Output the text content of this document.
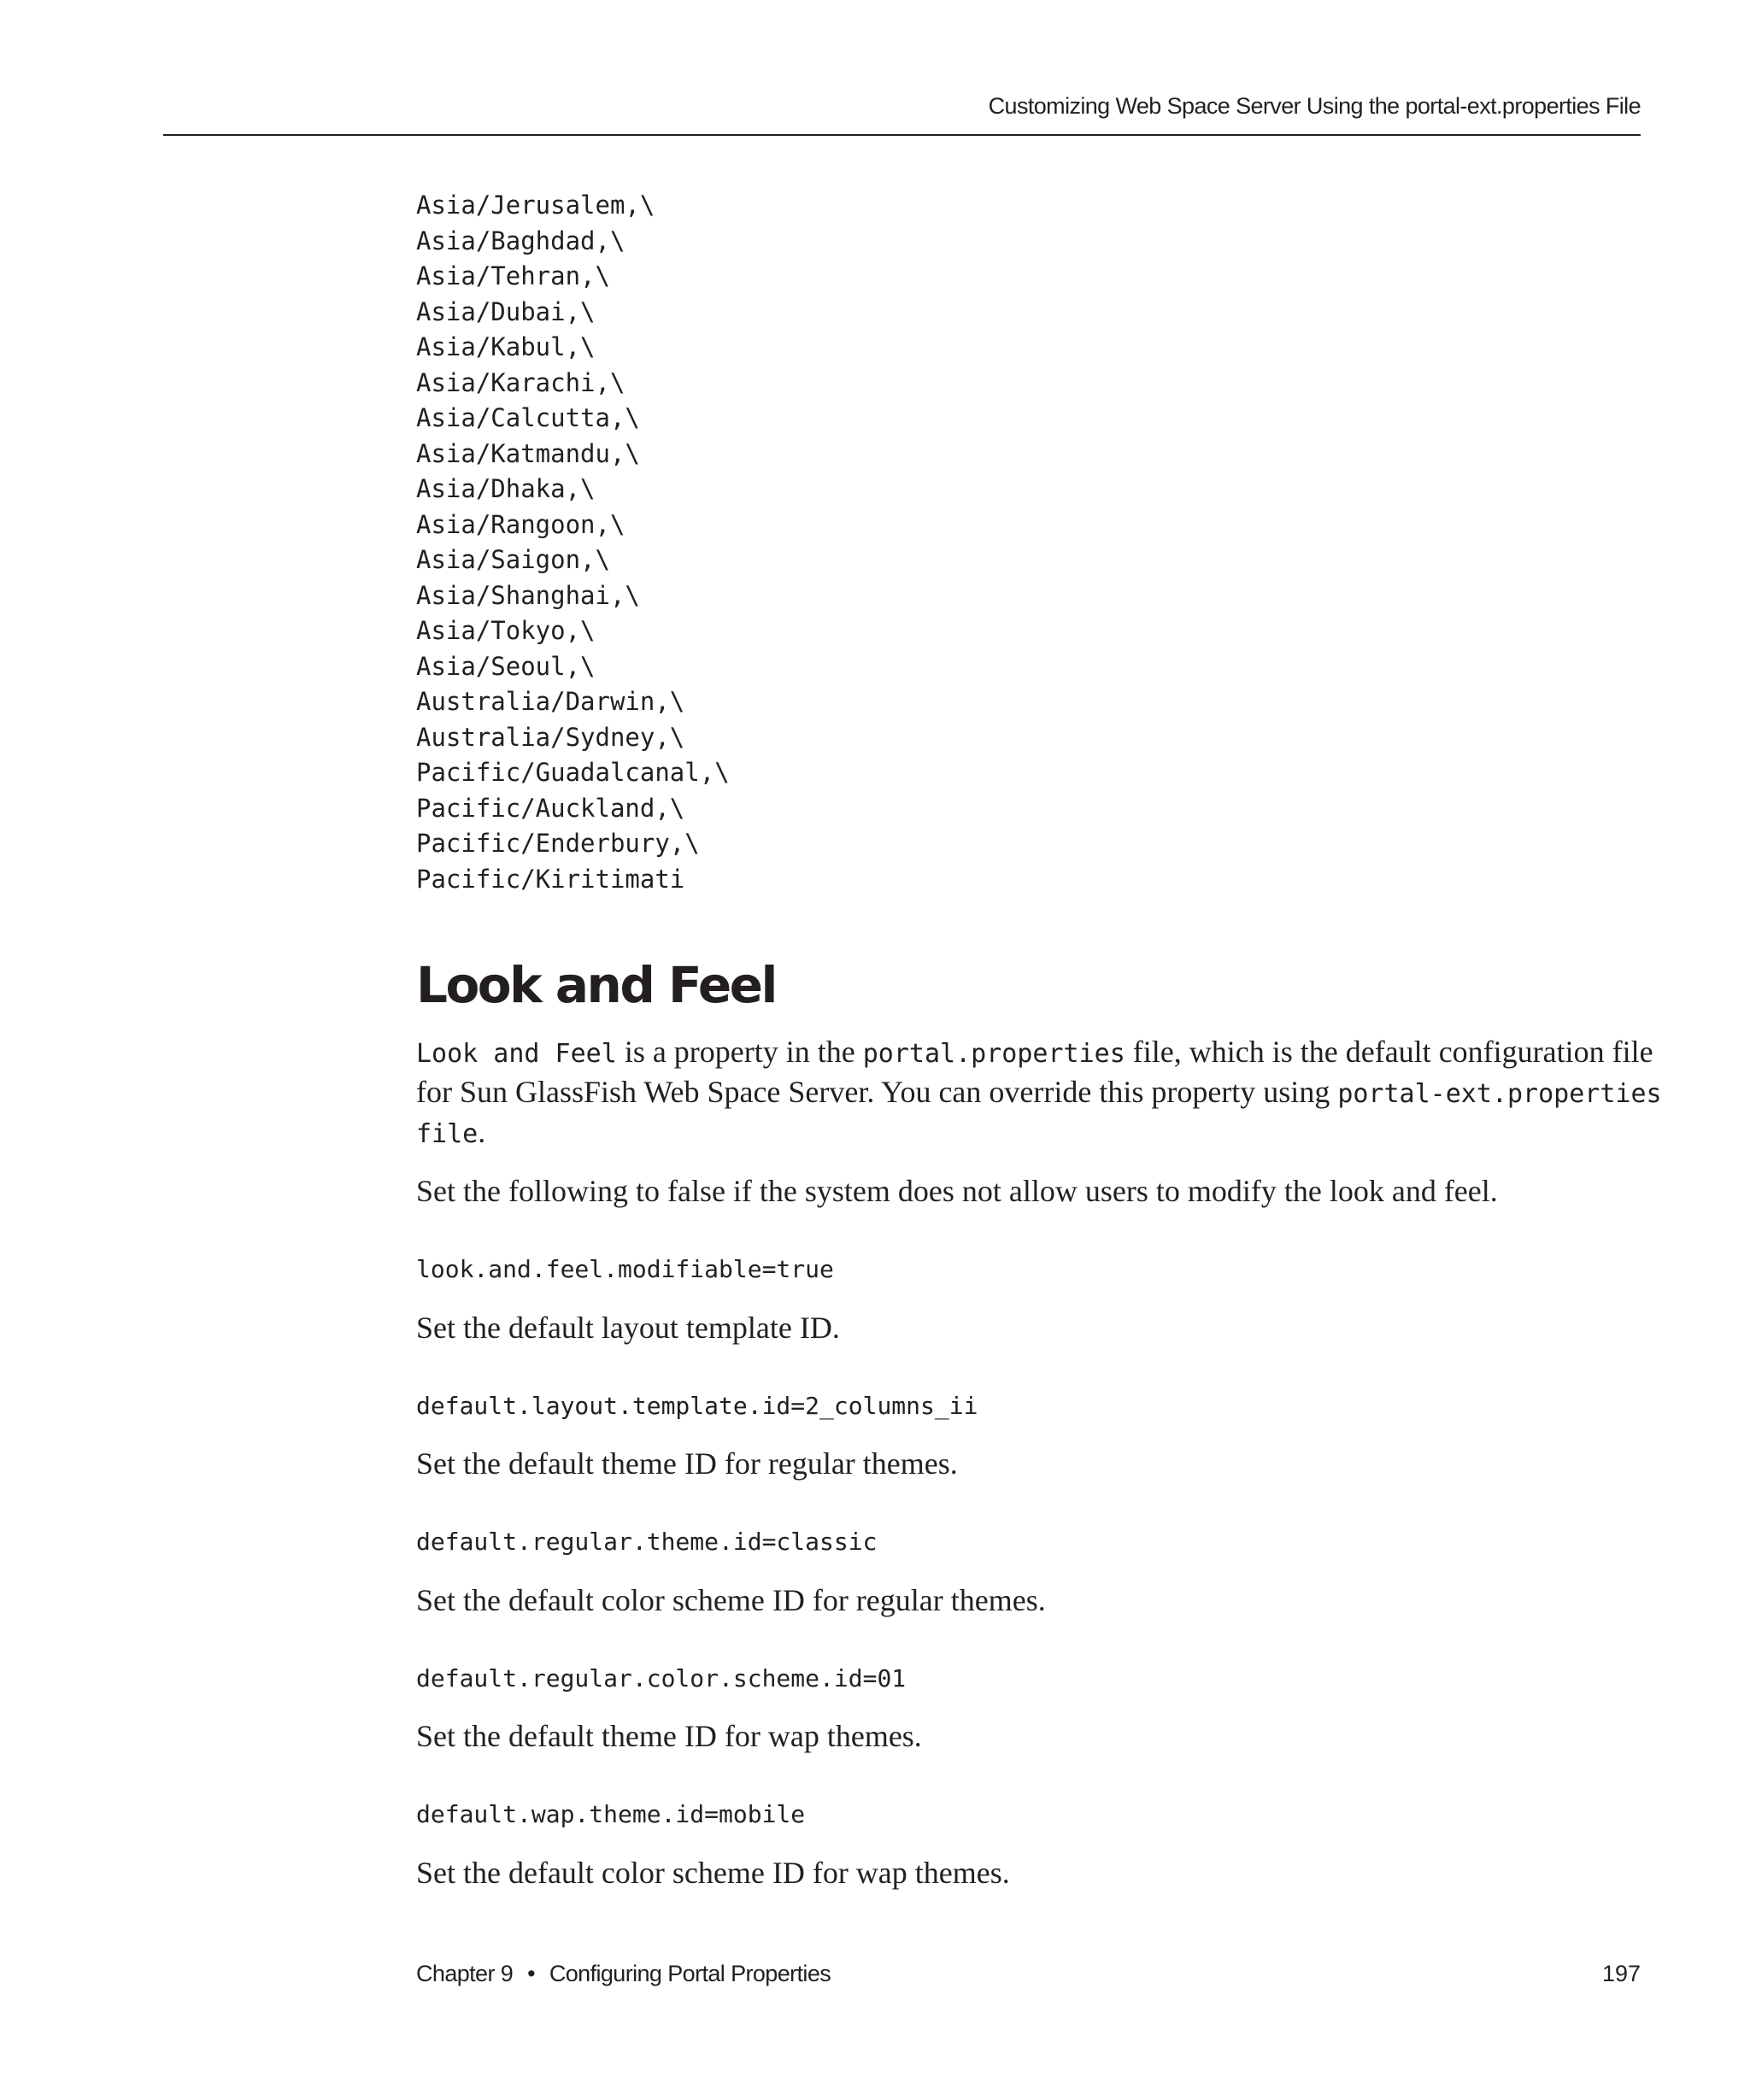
Customizing Web Space Server Using the portal-ext.properties File
Asia/Jerusalem,\
Asia/Baghdad,\
Asia/Tehran,\
Asia/Dubai,\
Asia/Kabul,\
Asia/Karachi,\
Asia/Calcutta,\
Asia/Katmandu,\
Asia/Dhaka,\
Asia/Rangoon,\
Asia/Saigon,\
Asia/Shanghai,\
Asia/Tokyo,\
Asia/Seoul,\
Australia/Darwin,\
Australia/Sydney,\
Pacific/Guadalcanal,\
Pacific/Auckland,\
Pacific/Enderbury,\
Pacific/Kiritimati
Look and Feel

Look and Feel is a property in the portal.properties file, which is the default configuration file for Sun GlassFish Web Space Server. You can override this property using portal-ext.properties file.

Set the following to false if the system does not allow users to modify the look and feel.

look.and.feel.modifiable=true

Set the default layout template ID.

default.layout.template.id=2_columns_ii

Set the default theme ID for regular themes.

default.regular.theme.id=classic

Set the default color scheme ID for regular themes.

default.regular.color.scheme.id=01

Set the default theme ID for wap themes.

default.wap.theme.id=mobile

Set the default color scheme ID for wap themes.

Chapter 9 • Configuring Portal Properties	197
